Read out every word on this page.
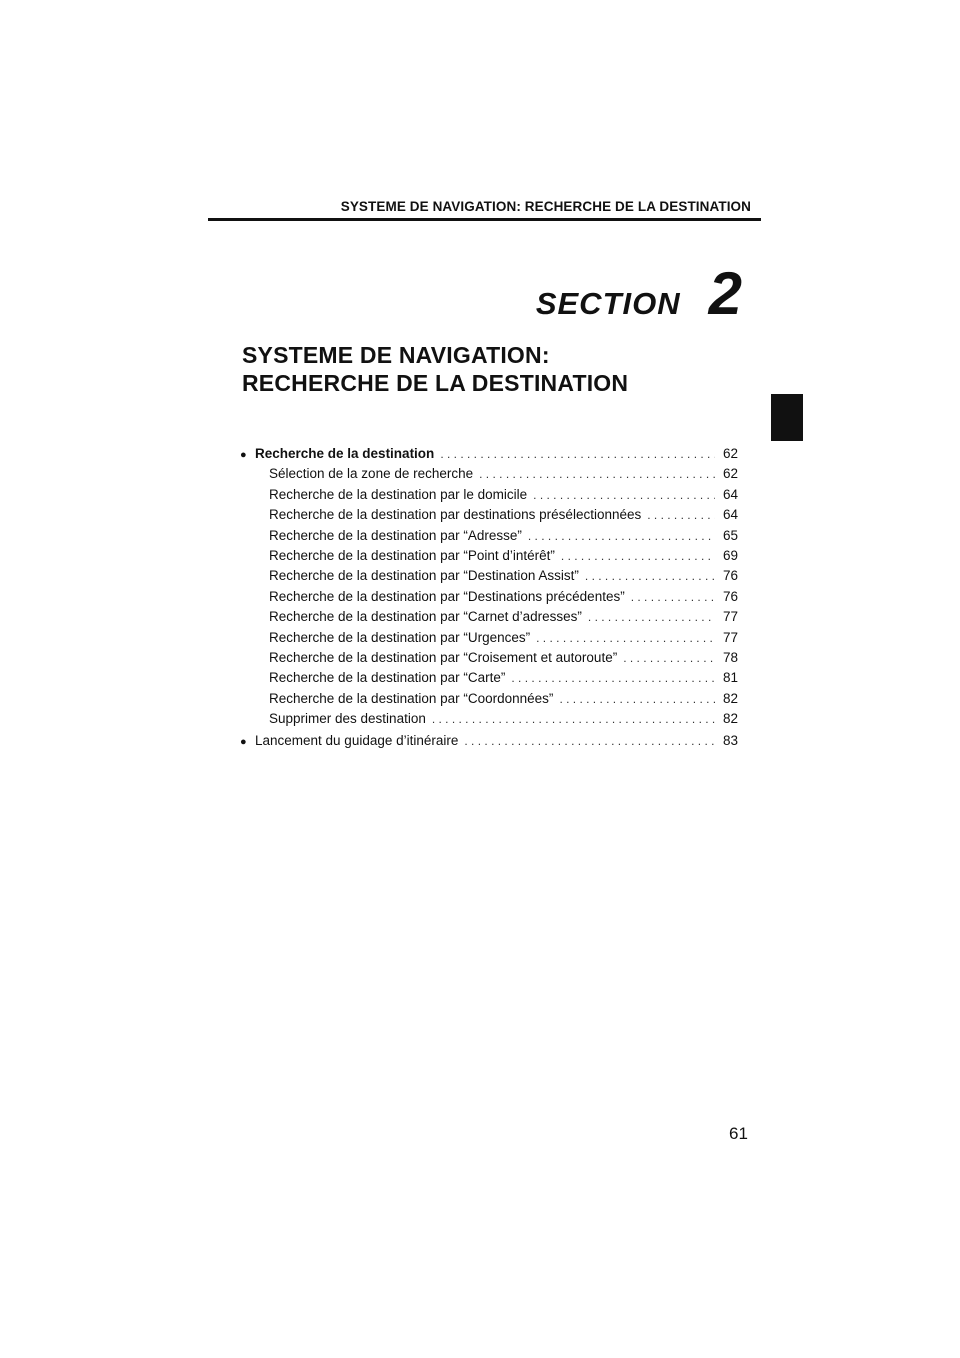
SYSTEME DE NAVIGATION: RECHERCHE DE LA DESTINATION
SECTION 2
SYSTEME DE NAVIGATION:
RECHERCHE DE LA DESTINATION
● Recherche de la destination . . .	62
Sélection de la zone de recherche . . .	62
Recherche de la destination par le domicile . . .	64
Recherche de la destination par destinations présélectionnées . . .	64
Recherche de la destination par “Adresse” . . .	65
Recherche de la destination par “Point d’intérêt” . . .	69
Recherche de la destination par “Destination Assist” . . .	76
Recherche de la destination par “Destinations précédentes” . . .	76
Recherche de la destination par “Carnet d’adresses” . . .	77
Recherche de la destination par “Urgences” . . .	77
Recherche de la destination par “Croisement et autoroute” . . .	78
Recherche de la destination par “Carte” . . .	81
Recherche de la destination par “Coordonnées” . . .	82
Supprimer des destination . . .	82
● Lancement du guidage d’itinéraire . . .	83
61
